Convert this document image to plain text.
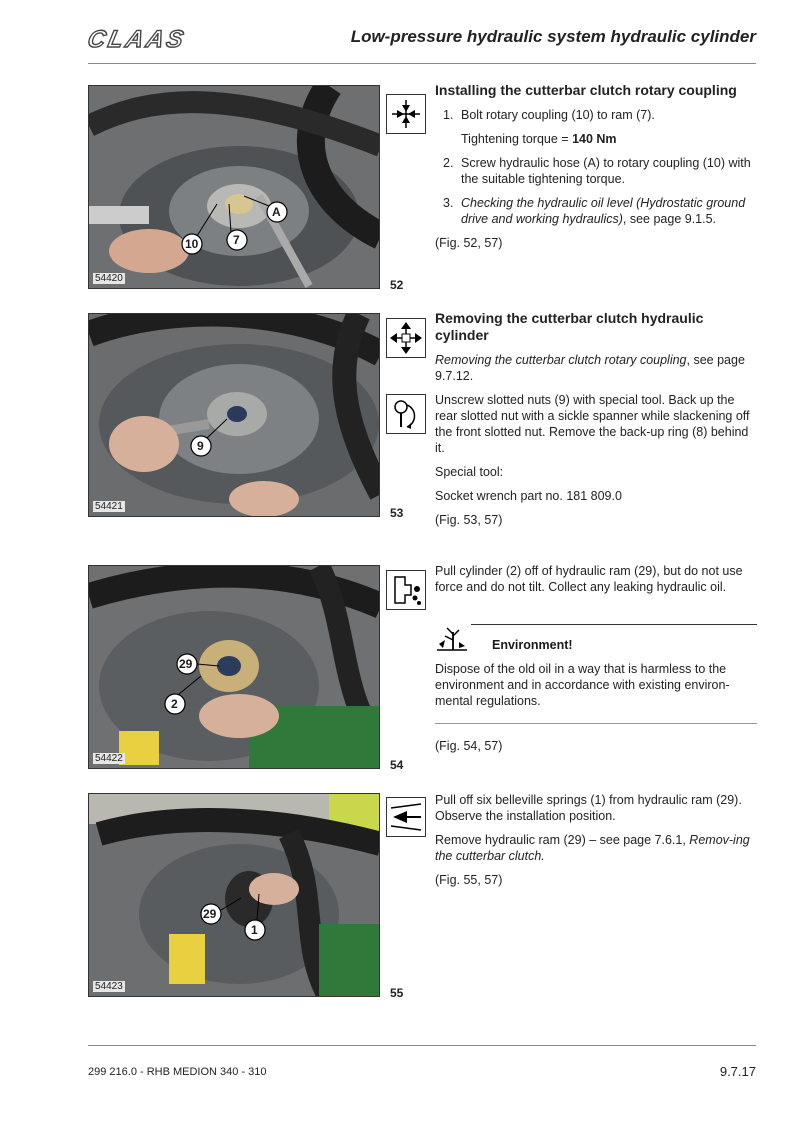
CLAAS	Low-pressure hydraulic system hydraulic cylinder
54420
A
7
10
52
54421
9
53
54422
29
2
54
54423
29
1
55
Installing the cutterbar clutch rotary coupling
1. Bolt rotary coupling (10) to ram (7).
Tightening torque = 140 Nm
2. Screw hydraulic hose (A) to rotary coupling (10) with the suitable tightening torque.
3. Checking the hydraulic oil level (Hydrostatic ground drive and working hydraulics), see page 9.1.5.
(Fig. 52, 57)
Removing the cutterbar clutch hydraulic cylinder
Removing the cutterbar clutch rotary coupling, see page 9.7.12.
Unscrew slotted nuts (9) with special tool. Back up the rear slotted nut with a sickle spanner while slackening off the front slotted nut. Remove the back-up ring (8) behind it.
Special tool:
Socket wrench part no. 181 809.0
(Fig. 53, 57)
Pull cylinder (2) off of hydraulic ram (29), but do not use force and do not tilt. Collect any leaking hydraulic oil.
Environment!
Dispose of the old oil in a way that is harmless to the environment and in accordance with existing environ-mental regulations.
(Fig. 54, 57)
Pull off six belleville springs (1) from hydraulic ram (29). Observe the installation position.
Remove hydraulic ram (29) – see page 7.6.1, Remov-ing the cutterbar clutch.
(Fig. 55, 57)
299 216.0 - RHB MEDION 340 - 310	9.7.17
